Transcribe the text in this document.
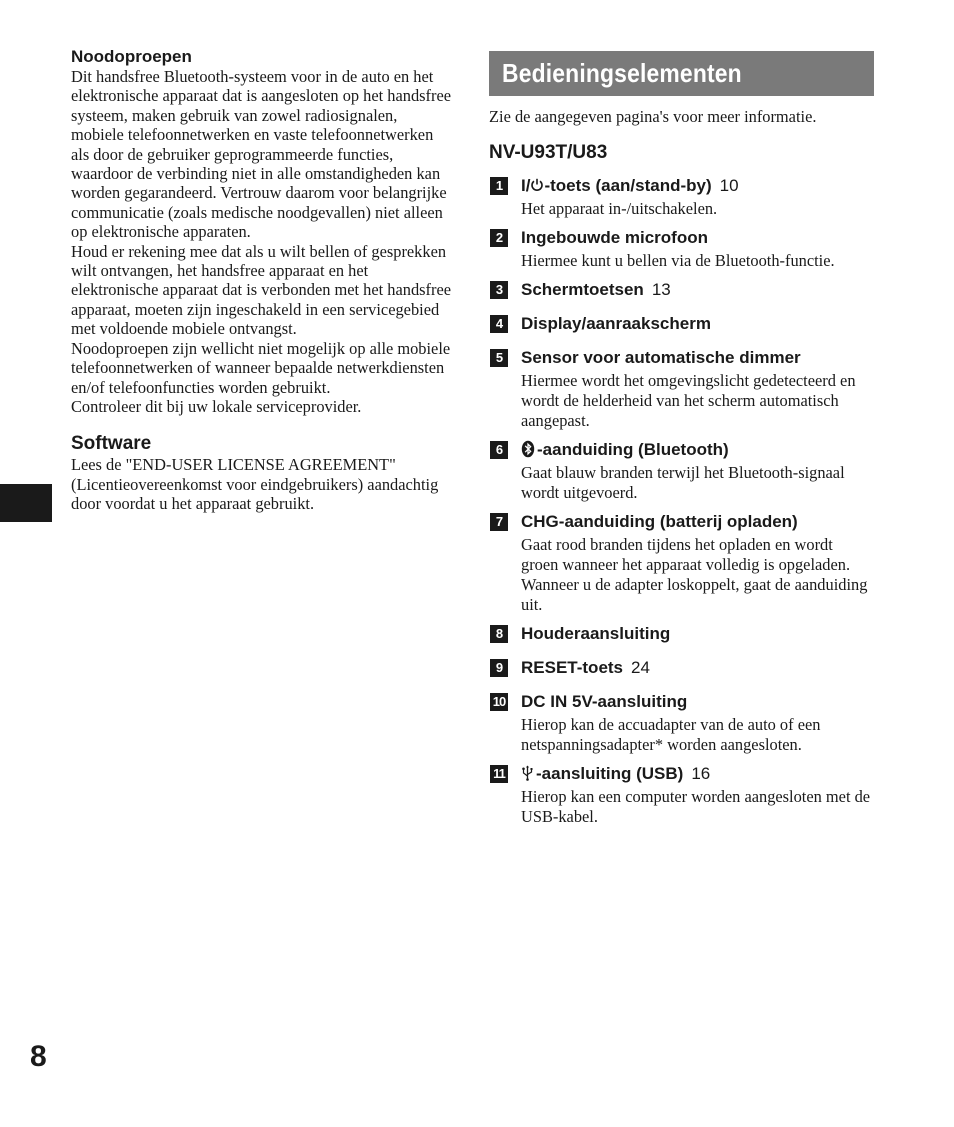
Noodoproepen

Dit handsfree Bluetooth-systeem voor in de auto en het elektronische apparaat dat is aangesloten op het handsfree systeem, maken gebruik van zowel radiosignalen, mobiele telefoonnetwerken en vaste telefoonnetwerken als door de gebruiker geprogrammeerde functies, waardoor de verbinding niet in alle omstandigheden kan worden gegarandeerd. Vertrouw daarom voor belangrijke communicatie (zoals medische noodgevallen) niet alleen op elektronische apparaten.

Houd er rekening mee dat als u wilt bellen of gesprekken wilt ontvangen, het handsfree apparaat en het elektronische apparaat dat is verbonden met het handsfree apparaat, moeten zijn ingeschakeld in een servicegebied met voldoende mobiele ontvangst.

Noodoproepen zijn wellicht niet mogelijk op alle mobiele telefoonnetwerken of wanneer bepaalde netwerkdiensten en/of telefoonfuncties worden gebruikt.

Controleer dit bij uw lokale serviceprovider.

Software

Lees de "END-USER LICENSE AGREEMENT" (Licentieovereenkomst voor eindgebruikers) aandachtig door voordat u het apparaat gebruikt.

8
Bedieningselementen

Zie de aangegeven pagina's voor meer informatie.

NV-U93T/U83
1	I/ -toets (aan/stand-by) 10

Het apparaat in-/uitschakelen.

2	Ingebouwde microfoon

Hiermee kunt u bellen via de Bluetooth-functie.

3	Schermtoetsen 13

4	Display/aanraakscherm

5	Sensor voor automatische dimmer

Hiermee wordt het omgevingslicht gedetecteerd en wordt de helderheid van het scherm automatisch aangepast.

6	-aanduiding (Bluetooth)

Gaat blauw branden terwijl het Bluetooth-signaal wordt uitgevoerd.

7	CHG-aanduiding (batterij opladen)

Gaat rood branden tijdens het opladen en wordt groen wanneer het apparaat volledig is opgeladen.

Wanneer u de adapter loskoppelt, gaat de aanduiding uit.

8	Houderaansluiting

9	RESET-toets 24

10 DC IN 5V-aansluiting

Hierop kan de accuadapter van de auto of een netspanningsadapter* worden aangesloten.

11	-aansluiting (USB) 16

Hierop kan een computer worden aangesloten met de USB-kabel.
